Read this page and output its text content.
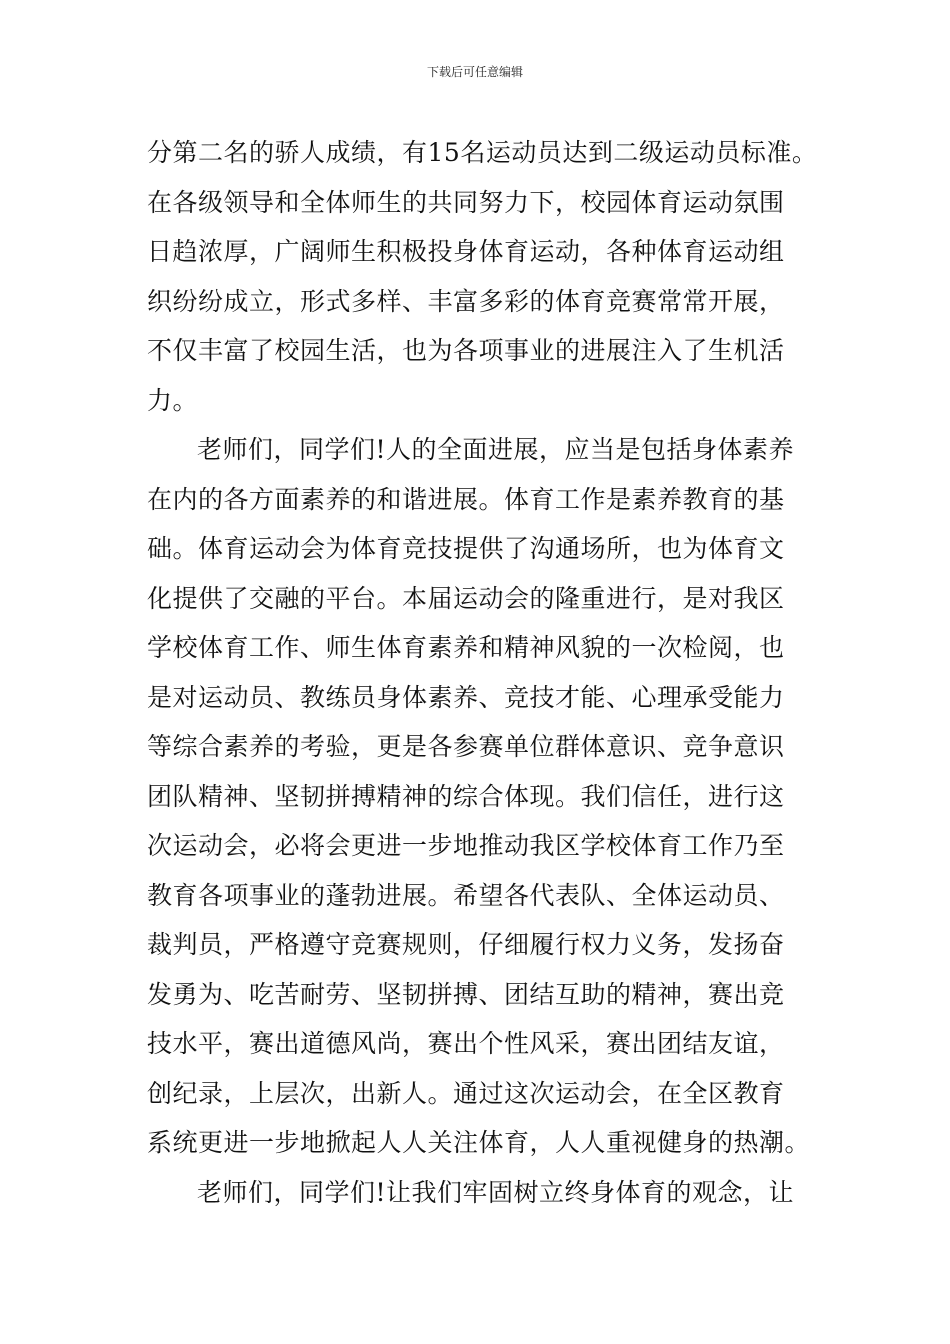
下载后可任意编辑
分第二名的骄人成绩，有15名运动员达到二级运动员标准。
在各级领导和全体师生的共同努力下，校园体育运动氛围
日趋浓厚，广阔师生积极投身体育运动，各种体育运动组
织纷纷成立，形式多样、丰富多彩的体育竞赛常常开展，
不仅丰富了校园生活，也为各项事业的进展注入了生机活
力。
老师们，同学们!人的全面进展，应当是包括身体素养
在内的各方面素养的和谐进展。体育工作是素养教育的基
础。体育运动会为体育竞技提供了沟通场所，也为体育文
化提供了交融的平台。本届运动会的隆重进行，是对我区
学校体育工作、师生体育素养和精神风貌的一次检阅，也
是对运动员、教练员身体素养、竞技才能、心理承受能力
等综合素养的考验，更是各参赛单位群体意识、竞争意识
团队精神、坚韧拼搏精神的综合体现。我们信任，进行这
次运动会，必将会更进一步地推动我区学校体育工作乃至
教育各项事业的蓬勃进展。希望各代表队、全体运动员、
裁判员，严格遵守竞赛规则，仔细履行权力义务，发扬奋
发勇为、吃苦耐劳、坚韧拼搏、团结互助的精神，赛出竞
技水平，赛出道德风尚，赛出个性风采，赛出团结友谊，
创纪录，上层次，出新人。通过这次运动会，在全区教育
系统更进一步地掀起人人关注体育，人人重视健身的热潮。
老师们，同学们!让我们牢固树立终身体育的观念，让
